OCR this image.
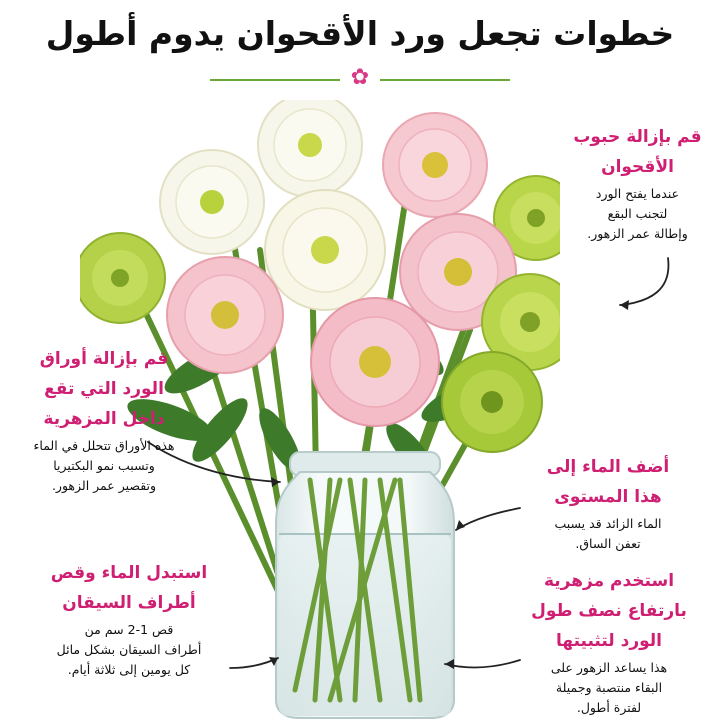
خطوات تجعل ورد الأقحوان يدوم أطول
✿
قم بإزالة حبوب
الأقحوان
عندما يفتح الورد
لتجنب البقع
وإطالة عمر الزهور.
قم بإزالة أوراق
الورد التي تقع
داخل المزهرية
هذه الأوراق تتحلل في الماء
وتسبب نمو البكتيريا
وتقصير عمر الزهور.
أضف الماء إلى
هذا المستوى
الماء الزائد قد يسبب
تعفن الساق.
استبدل الماء وقص
أطراف السيقان
قص 1-2 سم من
أطراف السيقان بشكل مائل
كل يومين إلى ثلاثة أيام.
استخدم مزهرية
بارتفاع نصف طول
الورد لتثبيتها
هذا يساعد الزهور على
البقاء منتصبة وجميلة
لفترة أطول.
